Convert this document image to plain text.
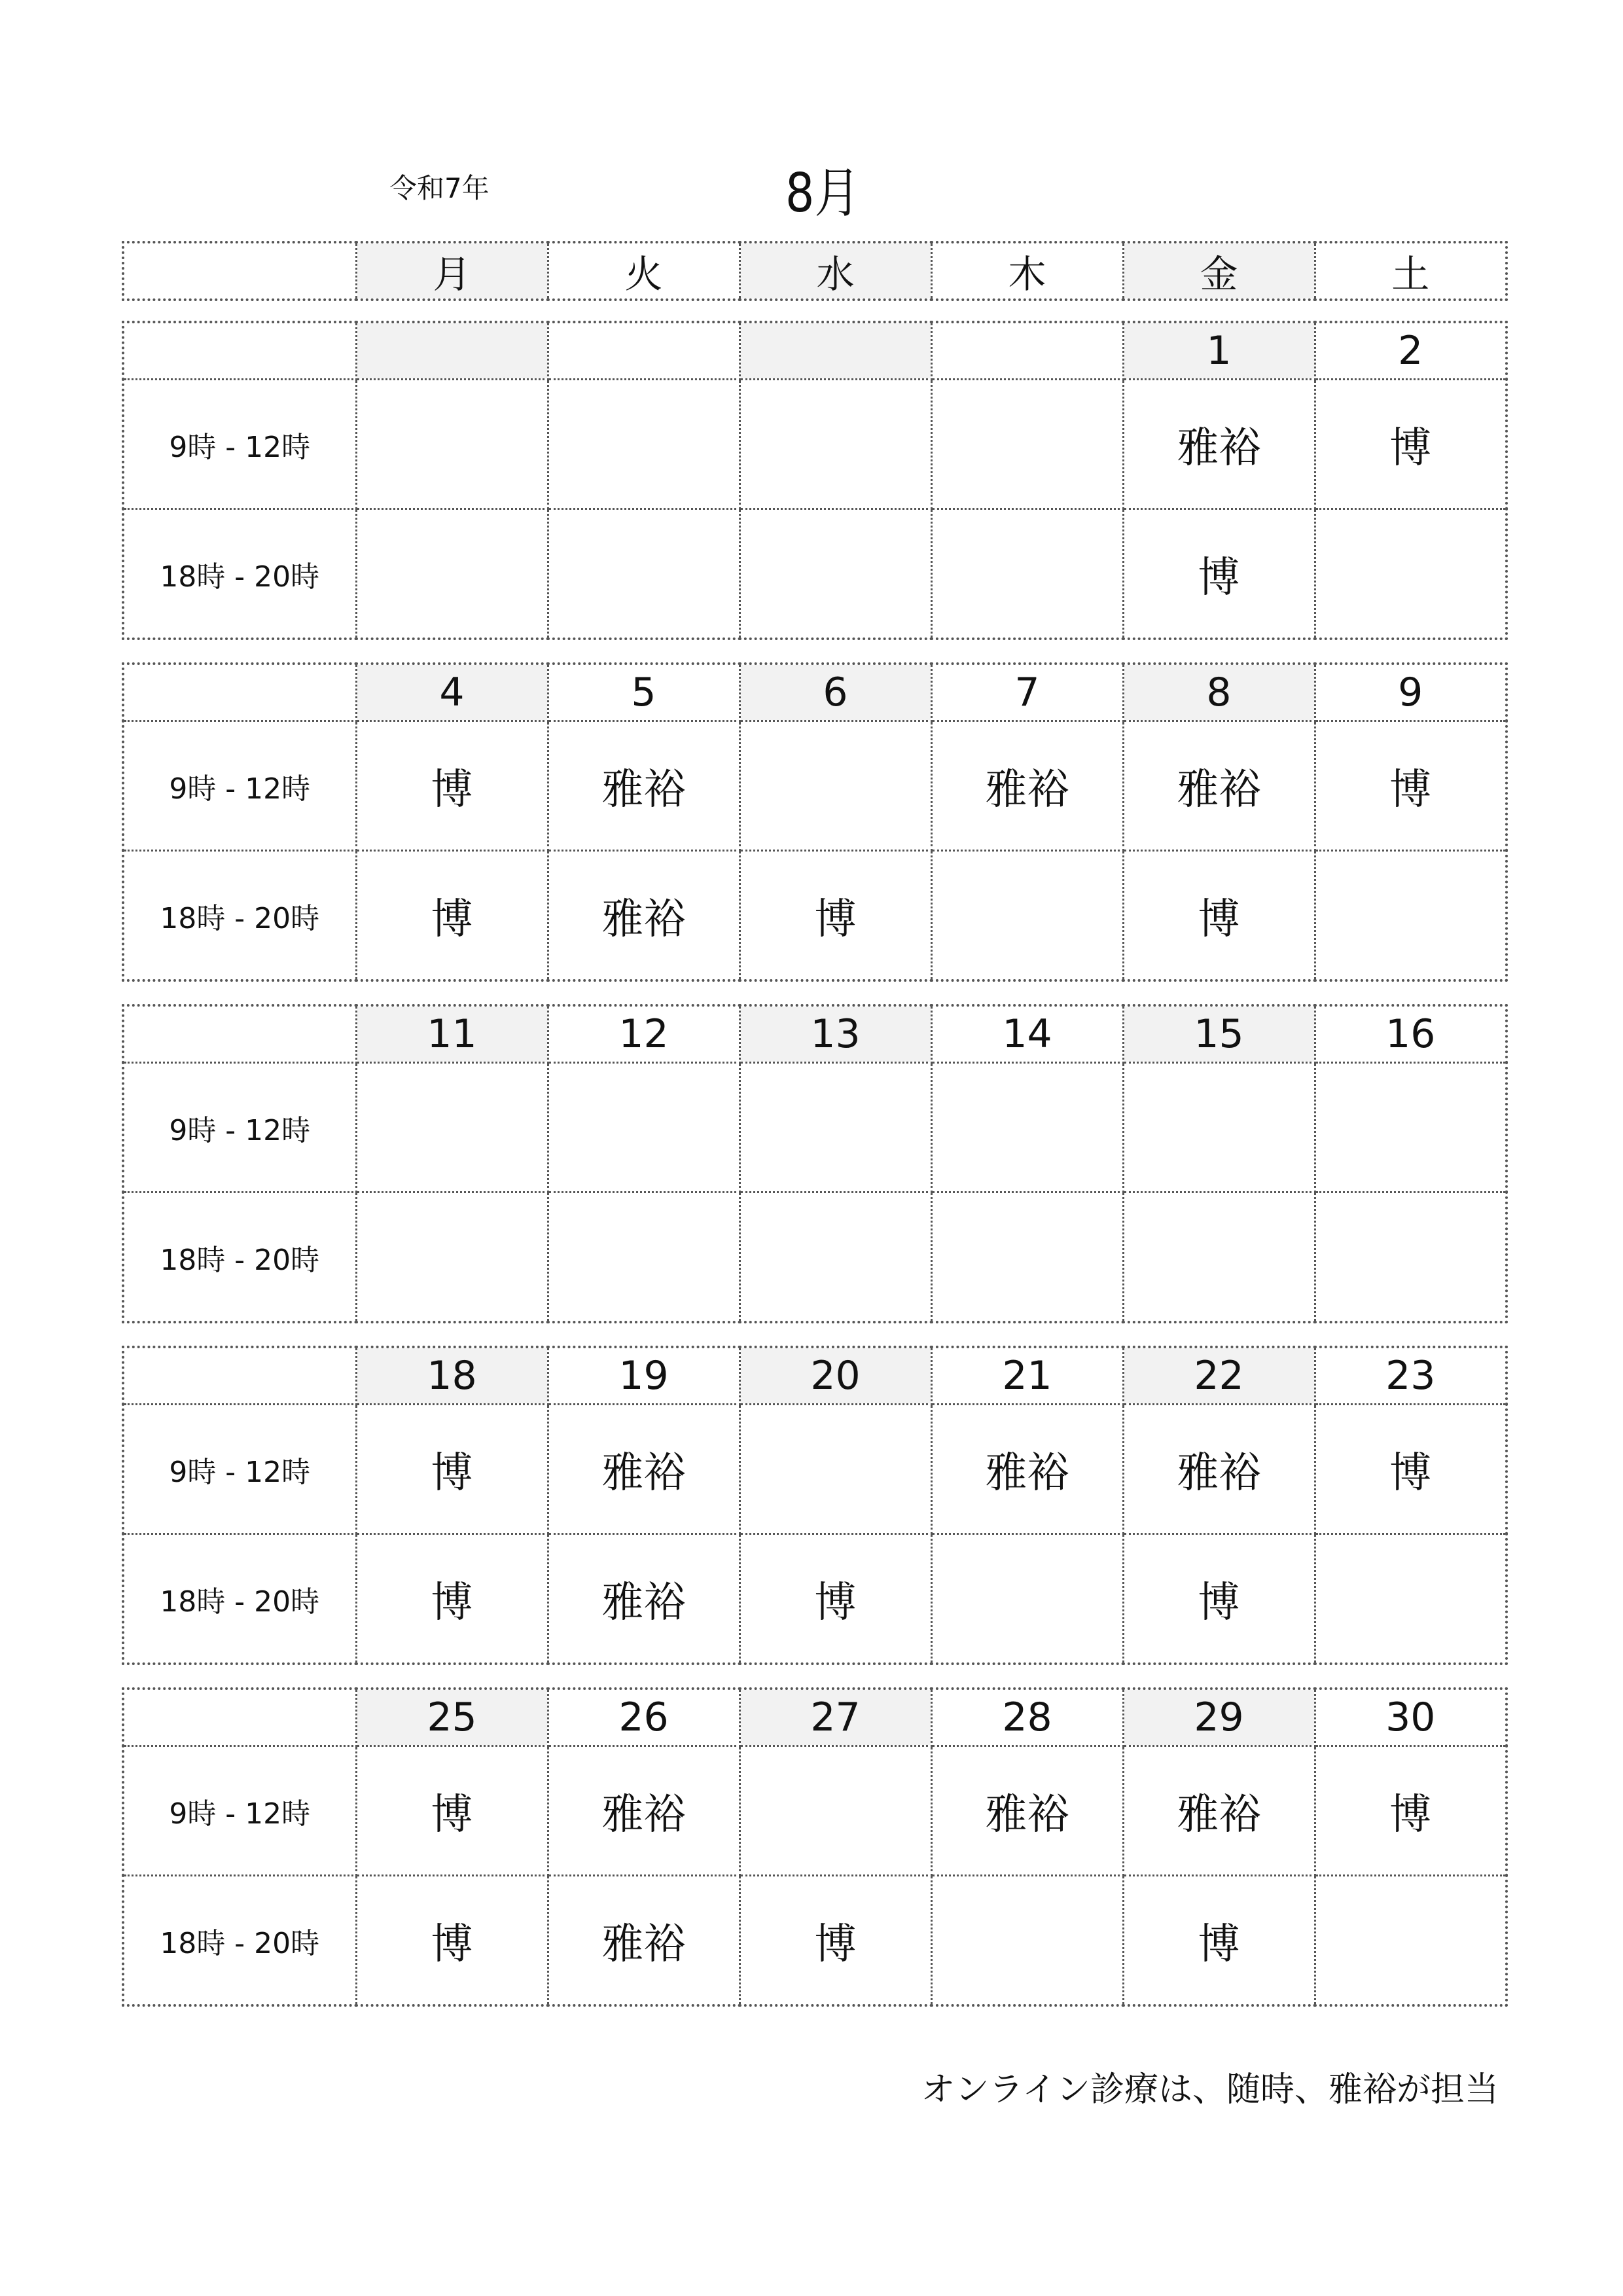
令和7年	8月
	月	火	水	木	金	土
					1	2
9時 - 12時					雅裕	博
18時 - 20時					博	
	4	5	6	7	8	9
9時 - 12時	博	雅裕		雅裕	雅裕	博
18時 - 20時	博	雅裕	博		博	
	11	12	13	14	15	16
9時 - 12時						
18時 - 20時						
	18	19	20	21	22	23
9時 - 12時	博	雅裕		雅裕	雅裕	博
18時 - 20時	博	雅裕	博		博	
	25	26	27	28	29	30
9時 - 12時	博	雅裕		雅裕	雅裕	博
18時 - 20時	博	雅裕	博		博	
オンライン診療は、随時、雅裕が担当
